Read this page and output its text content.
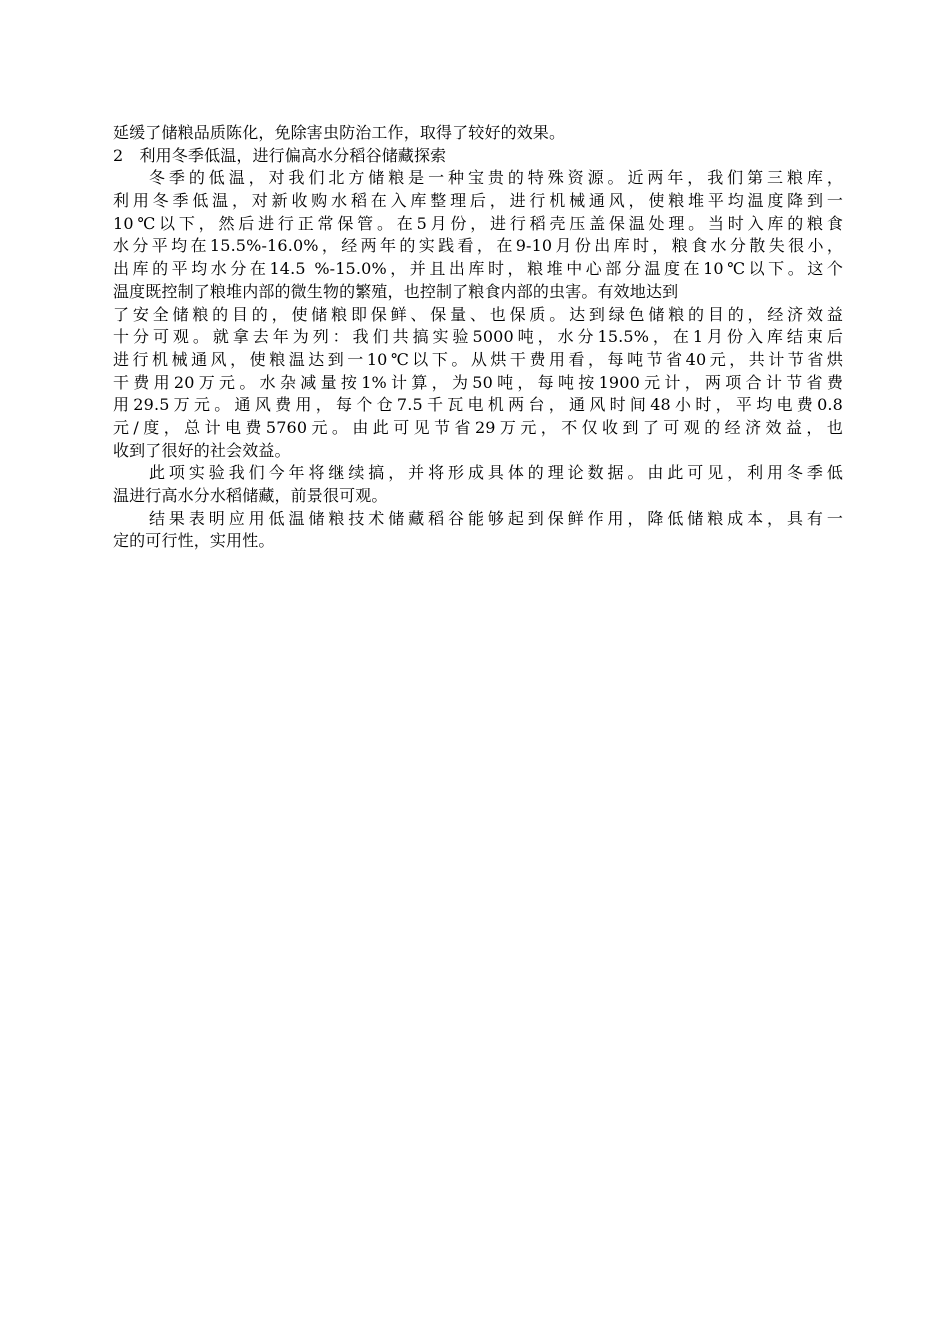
延缓了储粮品质陈化，免除害虫防治工作，取得了较好的效果。
2　利用冬季低温，进行偏高水分稻谷储藏探索
冬季的低温，对我们北方储粮是一种宝贵的特殊资源。近两年，我们第三粮库，
利用冬季低温，对新收购水稻在入库整理后，进行机械通风，使粮堆平均温度降到一
10℃以下，然后进行正常保管。在5月份，进行稻壳压盖保温处理。当时入库的粮食
水分平均在15.5%-16.0%，经两年的实践看，在9-10月份出库时，粮食水分散失很小，
出库的平均水分在14.5 %-15.0%，并且出库时，粮堆中心部分温度在10℃以下。这个
温度既控制了粮堆内部的微生物的繁殖，也控制了粮食内部的虫害。有效地达到
了安全储粮的目的，使储粮即保鲜、保量、也保质。达到绿色储粮的目的，经济效益
十分可观。就拿去年为列：我们共搞实验5000吨，水分15.5%，在1月份入库结束后
进行机械通风，使粮温达到一10℃以下。从烘干费用看，每吨节省40元，共计节省烘
干费用20万元。水杂减量按1%计算，为50吨，每吨按1900元计，两项合计节省费
用29.5万元。通风费用，每个仓7.5千瓦电机两台，通风时间48小时，平均电费0.8
元/度，总计电费5760元。由此可见节省29万元，不仅收到了可观的经济效益，也
收到了很好的社会效益。
此项实验我们今年将继续搞，并将形成具体的理论数据。由此可见，利用冬季低
温进行高水分水稻储藏，前景很可观。
结果表明应用低温储粮技术储藏稻谷能够起到保鲜作用，降低储粮成本，具有一
定的可行性，实用性。
